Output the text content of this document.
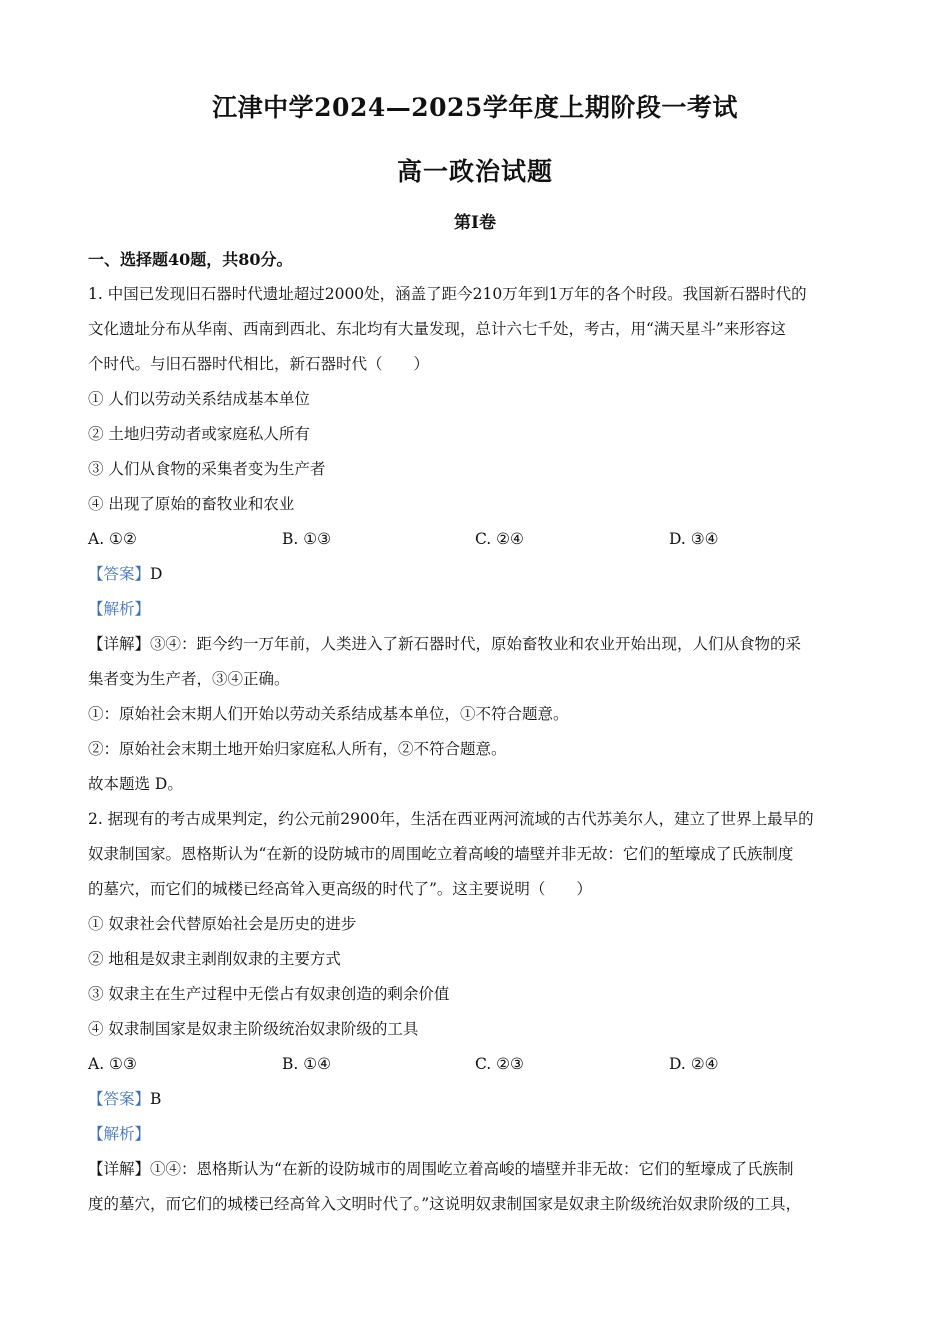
江津中学2024—2025学年度上期阶段一考试
高一政治试题
第Ⅰ卷
一、选择题40题，共80分。
1. 中国已发现旧石器时代遗址超过2000处，涵盖了距今210万年到1万年的各个时段。我国新石器时代的
文化遗址分布从华南、西南到西北、东北均有大量发现，总计六七千处，考古，用“满天星斗”来形容这
个时代。与旧石器时代相比，新石器时代（　　）
① 人们以劳动关系结成基本单位
② 土地归劳动者或家庭私人所有
③ 人们从食物的采集者变为生产者
④ 出现了原始的畜牧业和农业
A. ①②	B. ①③	C. ②④	D. ③④
【答案】D
【解析】
【详解】③④：距今约一万年前，人类进入了新石器时代，原始畜牧业和农业开始出现，人们从食物的采
集者变为生产者，③④正确。
①：原始社会末期人们开始以劳动关系结成基本单位，①不符合题意。
②：原始社会末期土地开始归家庭私人所有，②不符合题意。
故本题选 D。
2. 据现有的考古成果判定，约公元前2900年，生活在西亚两河流域的古代苏美尔人，建立了世界上最早的
奴隶制国家。恩格斯认为“在新的设防城市的周围屹立着高峻的墙壁并非无故：它们的堑壕成了氏族制度
的墓穴，而它们的城楼已经高耸入更高级的时代了”。这主要说明（　　）
① 奴隶社会代替原始社会是历史的进步
② 地租是奴隶主剥削奴隶的主要方式
③ 奴隶主在生产过程中无偿占有奴隶创造的剩余价值
④ 奴隶制国家是奴隶主阶级统治奴隶阶级的工具
A. ①③	B. ①④	C. ②③	D. ②④
【答案】B
【解析】
【详解】①④：恩格斯认为“在新的设防城市的周围屹立着高峻的墙壁并非无故：它们的堑壕成了氏族制
度的墓穴，而它们的城楼已经高耸入文明时代了。”这说明奴隶制国家是奴隶主阶级统治奴隶阶级的工具，
